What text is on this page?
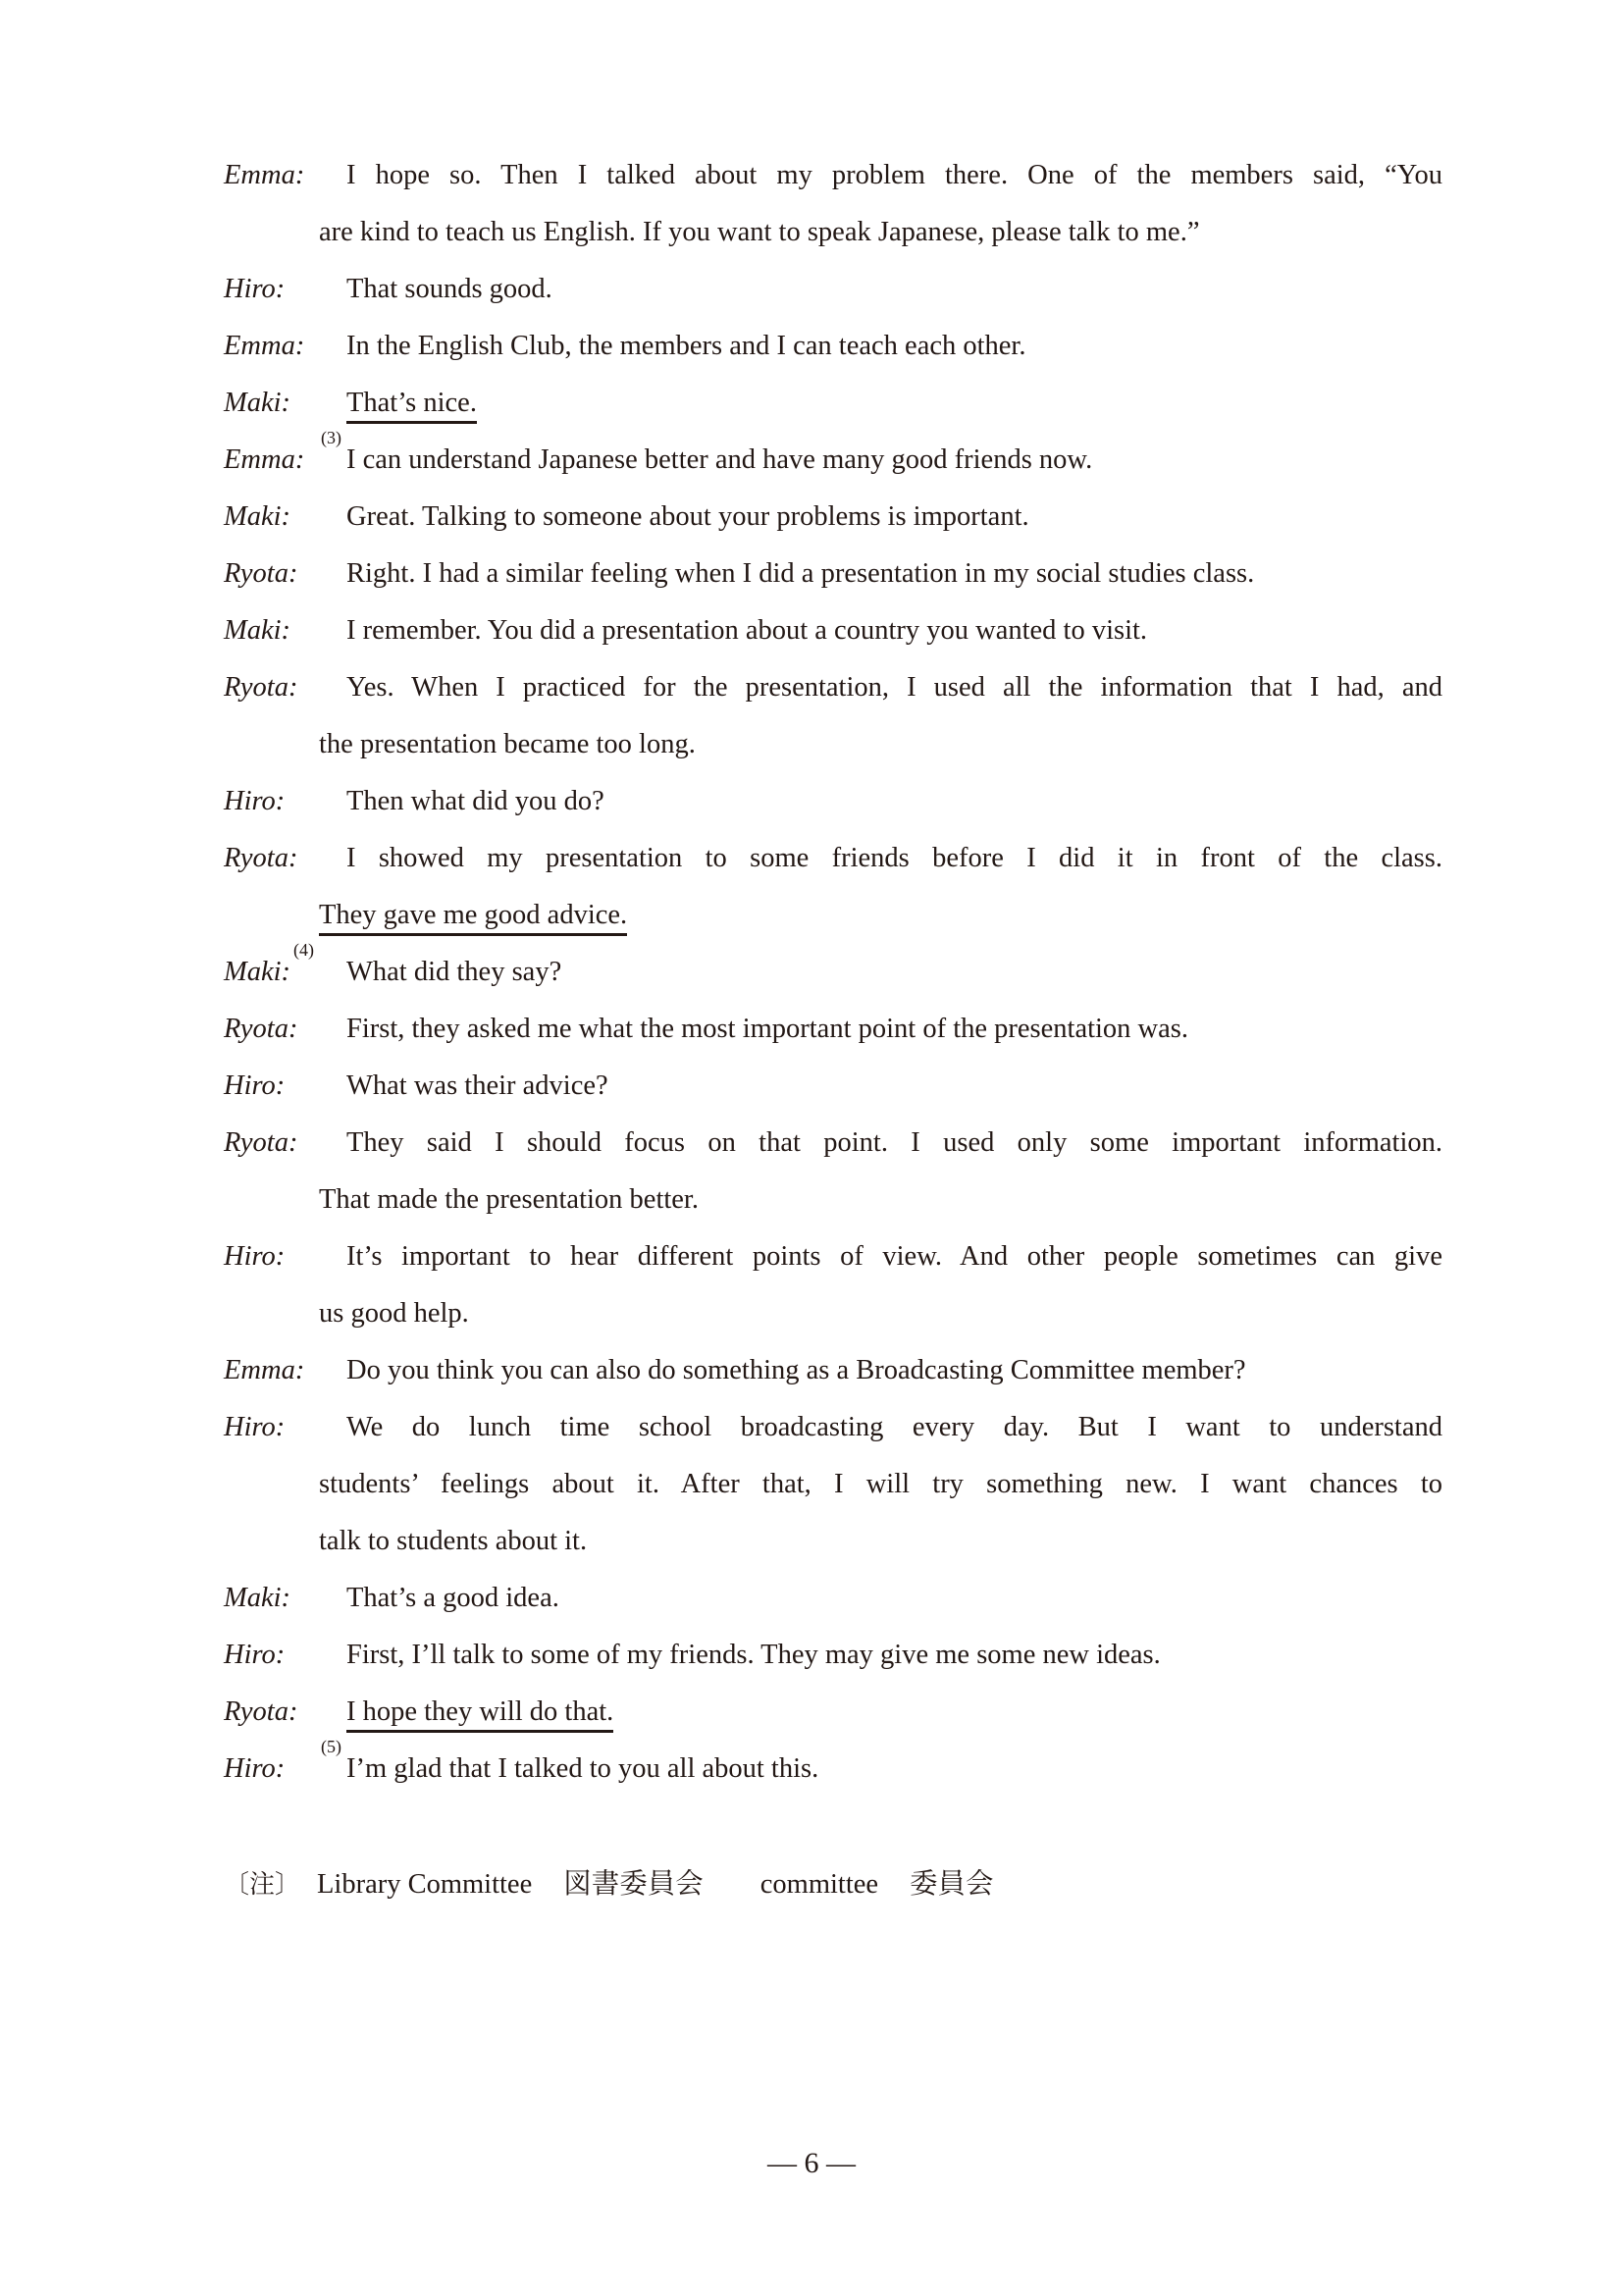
Emma: I hope so. Then I talked about my problem there. One of the members said, “You
are kind to teach us English. If you want to speak Japanese, please talk to me.”
Hiro: That sounds good.
Emma: In the English Club, the members and I can teach each other.
Maki: That’s nice.
(3)
Emma: I can understand Japanese better and have many good friends now.
Maki: Great. Talking to someone about your problems is important.
Ryota: Right. I had a similar feeling when I did a presentation in my social studies class.
Maki: I remember. You did a presentation about a country you wanted to visit.
Ryota: Yes. When I practiced for the presentation, I used all the information that I had, and
the presentation became too long.
Hiro: Then what did you do?
Ryota: I showed my presentation to some friends before I did it in front of the class.
They gave me good advice.
(4)
Maki: What did they say?
Ryota: First, they asked me what the most important point of the presentation was.
Hiro: What was their advice?
Ryota: They said I should focus on that point. I used only some important information.
That made the presentation better.
Hiro: It’s important to hear different points of view. And other people sometimes can give
us good help.
Emma: Do you think you can also do something as a Broadcasting Committee member?
Hiro: We do lunch time school broadcasting every day. But I want to understand
students’ feelings about it. After that, I will try something new. I want chances to
talk to students about it.
Maki: That’s a good idea.
Hiro: First, I’ll talk to some of my friends. They may give me some new ideas.
Ryota: I hope they will do that.
(5)
Hiro: I’m glad that I talked to you all about this.
〔注〕 Library Committee 図書委員会 committee 委員会
— 6 —
